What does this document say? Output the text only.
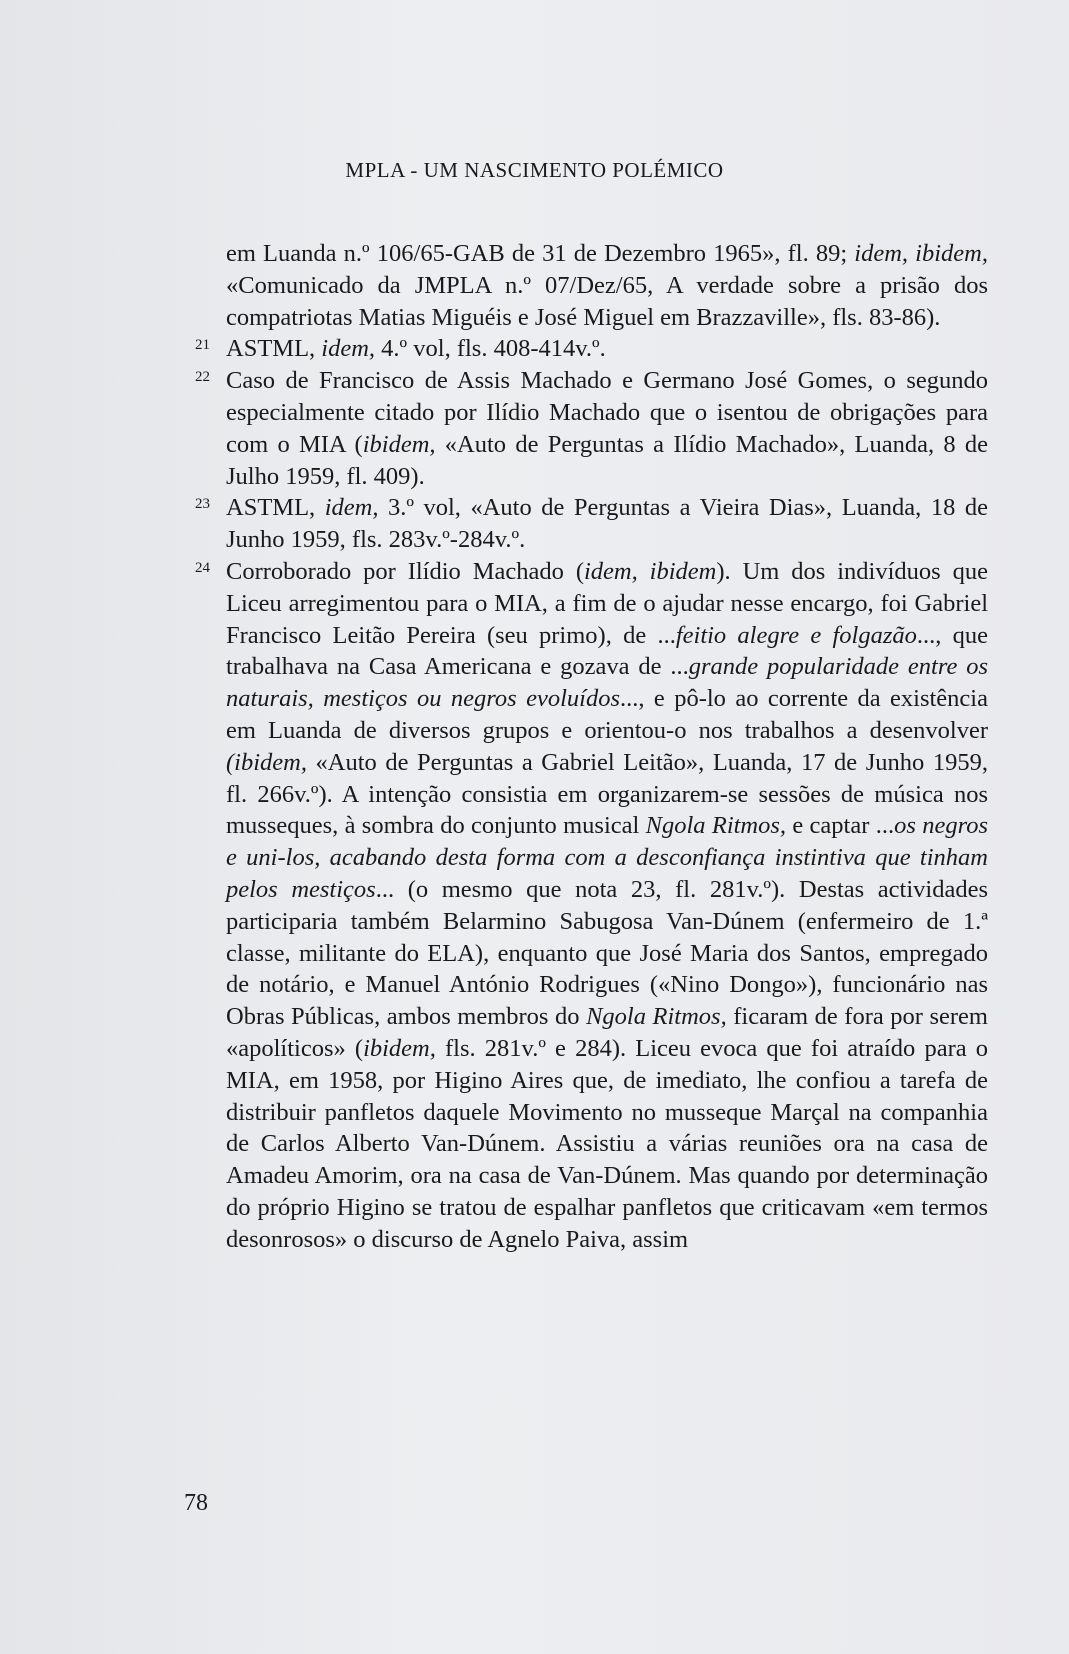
MPLA - UM NASCIMENTO POLÉMICO

em Luanda n.º 106/65-GAB de 31 de Dezembro 1965», fl. 89; idem, ibidem, «Comunicado da JMPLA n.º 07/Dez/65, A verdade sobre a prisão dos compatriotas Matias Miguéis e José Miguel em Brazzaville», fls. 83-86).

21 ASTML, idem, 4.º vol, fls. 408-414v.º.

22 Caso de Francisco de Assis Machado e Germano José Gomes, o segundo especialmente citado por Ilídio Machado que o isentou de obrigações para com o MIA (ibidem, «Auto de Perguntas a Ilídio Machado», Luanda, 8 de Julho 1959, fl. 409).

23 ASTML, idem, 3.º vol, «Auto de Perguntas a Vieira Dias», Luanda, 18 de Junho 1959, fls. 283v.º-284v.º.

24 Corroborado por Ilídio Machado (idem, ibidem). Um dos indivíduos que Liceu arregimentou para o MIA, a fim de o ajudar nesse encargo, foi Gabriel Francisco Leitão Pereira (seu primo), de ...feitio alegre e folgazão..., que trabalhava na Casa Americana e gozava de ...grande popularidade entre os naturais, mestiços ou negros evoluídos..., e pô-lo ao corrente da existência em Luanda de diversos grupos e orientou-o nos trabalhos a desenvolver (ibidem, «Auto de Perguntas a Gabriel Leitão», Luanda, 17 de Junho 1959, fl. 266v.º). A intenção consistia em organizarem-se sessões de música nos musseques, à sombra do conjunto musical Ngola Ritmos, e captar ...os negros e uni-los, acabando desta forma com a desconfiança instintiva que tinham pelos mestiços... (o mesmo que nota 23, fl. 281v.º). Destas actividades participaria também Belarmino Sabugosa Van-Dúnem (enfermeiro de 1.ª classe, militante do ELA), enquanto que José Maria dos Santos, empregado de notário, e Manuel António Rodrigues («Nino Dongo»), funcionário nas Obras Públicas, ambos membros do Ngola Ritmos, ficaram de fora por serem «apolíticos» (ibidem, fls. 281v.º e 284). Liceu evoca que foi atraído para o MIA, em 1958, por Higino Aires que, de imediato, lhe confiou a tarefa de distribuir panfletos daquele Movimento no musseque Marçal na companhia de Carlos Alberto Van-Dúnem. Assistiu a várias reuniões ora na casa de Amadeu Amorim, ora na casa de Van-Dúnem. Mas quando por determinação do próprio Higino se tratou de espalhar panfletos que criticavam «em termos desonrosos» o discurso de Agnelo Paiva, assim

78
